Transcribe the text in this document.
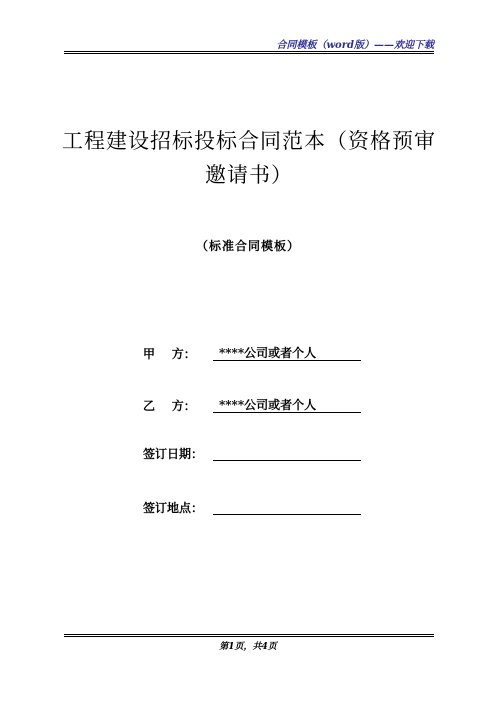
合同模板（word版）——欢迎下载
工程建设招标投标合同范本（资格预审邀请书）
（标准合同模板）
甲    方：	****公司或者个人
乙    方：	****公司或者个人
签订日期：
签订地点：
第1页，共4页
